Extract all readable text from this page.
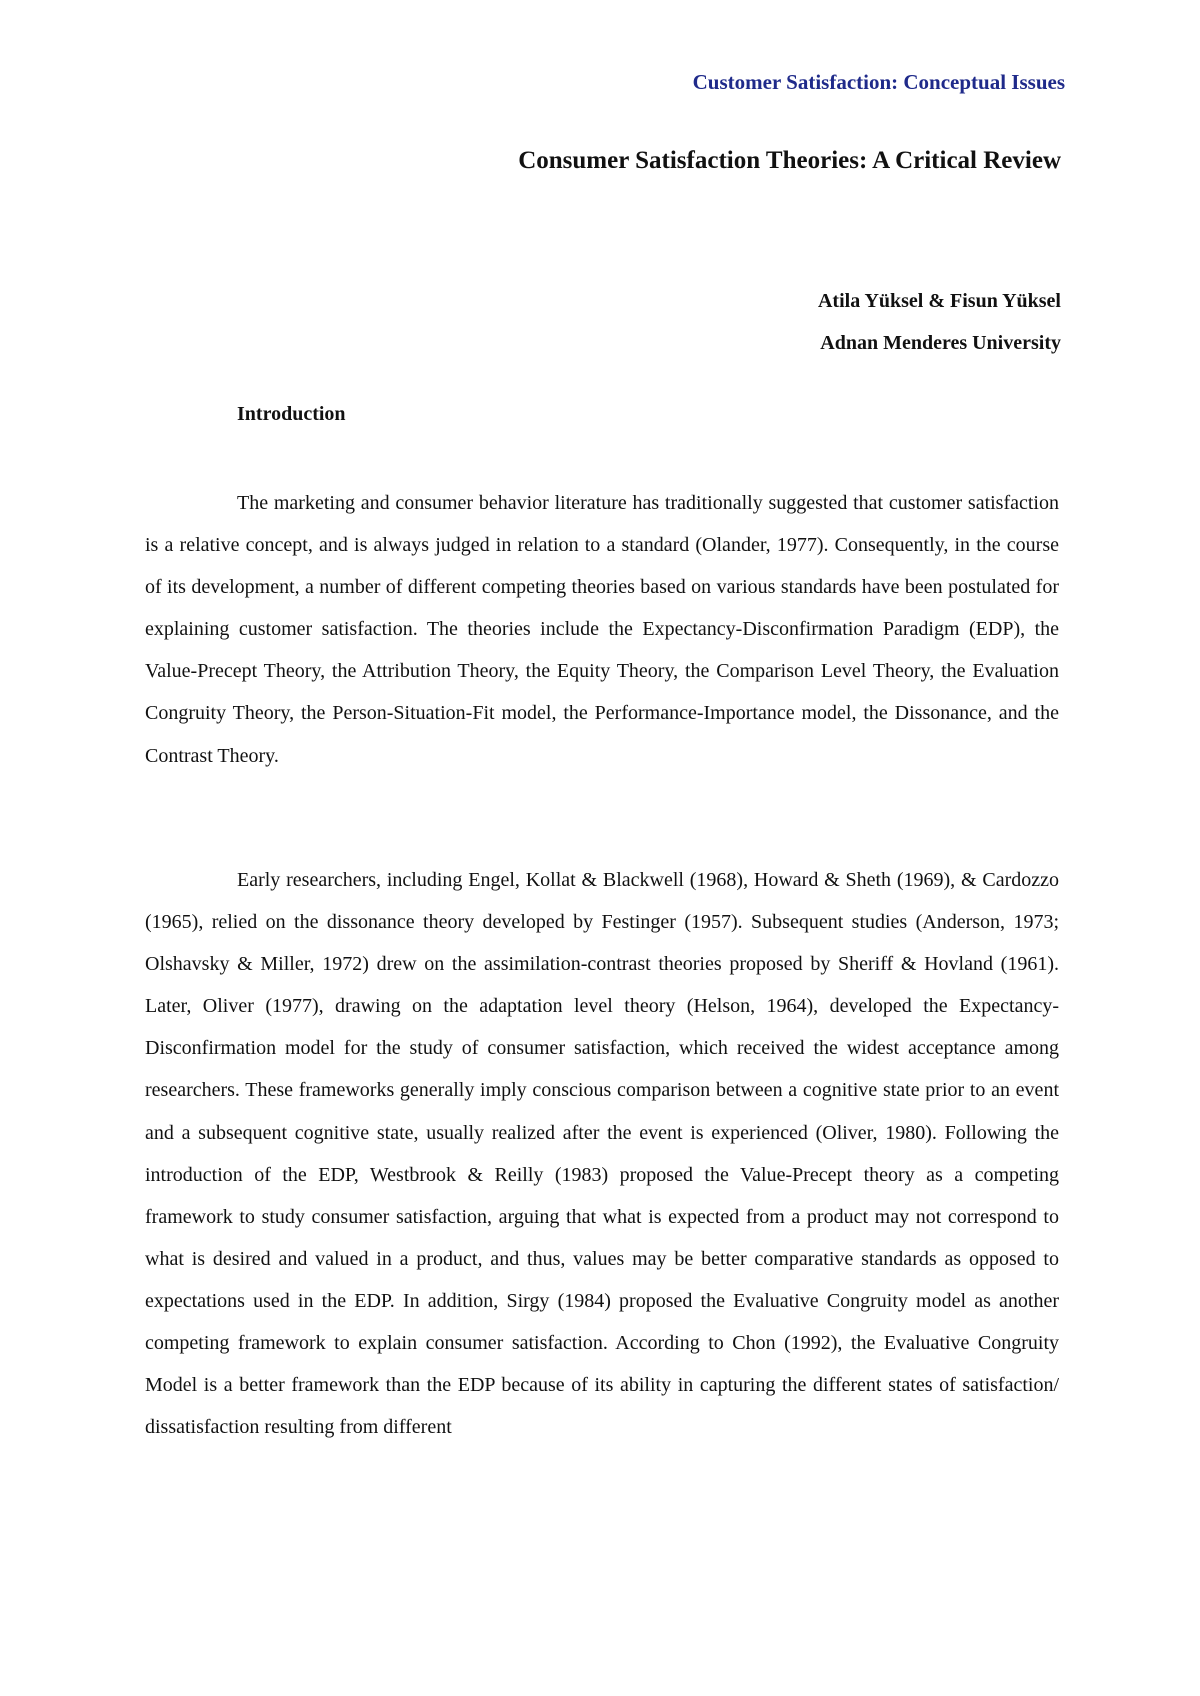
Customer Satisfaction: Conceptual Issues
Consumer Satisfaction Theories: A Critical Review
Atila Yüksel & Fisun Yüksel
Adnan Menderes University
Introduction

The marketing and consumer behavior literature has traditionally suggested that customer satisfaction is a relative concept, and is always judged in relation to a standard (Olander, 1977). Consequently, in the course of its development, a number of different competing theories based on various standards have been postulated for explaining customer satisfaction. The theories include the Expectancy-Disconfirmation Paradigm (EDP), the Value-Precept Theory, the Attribution Theory, the Equity Theory, the Comparison Level Theory, the Evaluation Congruity Theory, the Person-Situation-Fit model, the Performance-Importance model, the Dissonance, and the Contrast Theory.

Early researchers, including Engel, Kollat & Blackwell (1968), Howard & Sheth (1969), & Cardozzo (1965), relied on the dissonance theory developed by Festinger (1957). Subsequent studies (Anderson, 1973; Olshavsky & Miller, 1972) drew on the assimilation-contrast theories proposed by Sheriff & Hovland (1961). Later, Oliver (1977), drawing on the adaptation level theory (Helson, 1964), developed the Expectancy-Disconfirmation model for the study of consumer satisfaction, which received the widest acceptance among researchers. These frameworks generally imply conscious comparison between a cognitive state prior to an event and a subsequent cognitive state, usually realized after the event is experienced (Oliver, 1980). Following the introduction of the EDP, Westbrook & Reilly (1983) proposed the Value-Precept theory as a competing framework to study consumer satisfaction, arguing that what is expected from a product may not correspond to what is desired and valued in a product, and thus, values may be better comparative standards as opposed to expectations used in the EDP. In addition, Sirgy (1984) proposed the Evaluative Congruity model as another competing framework to explain consumer satisfaction. According to Chon (1992), the Evaluative Congruity Model is a better framework than the EDP because of its ability in capturing the different states of satisfaction/ dissatisfaction resulting from different
